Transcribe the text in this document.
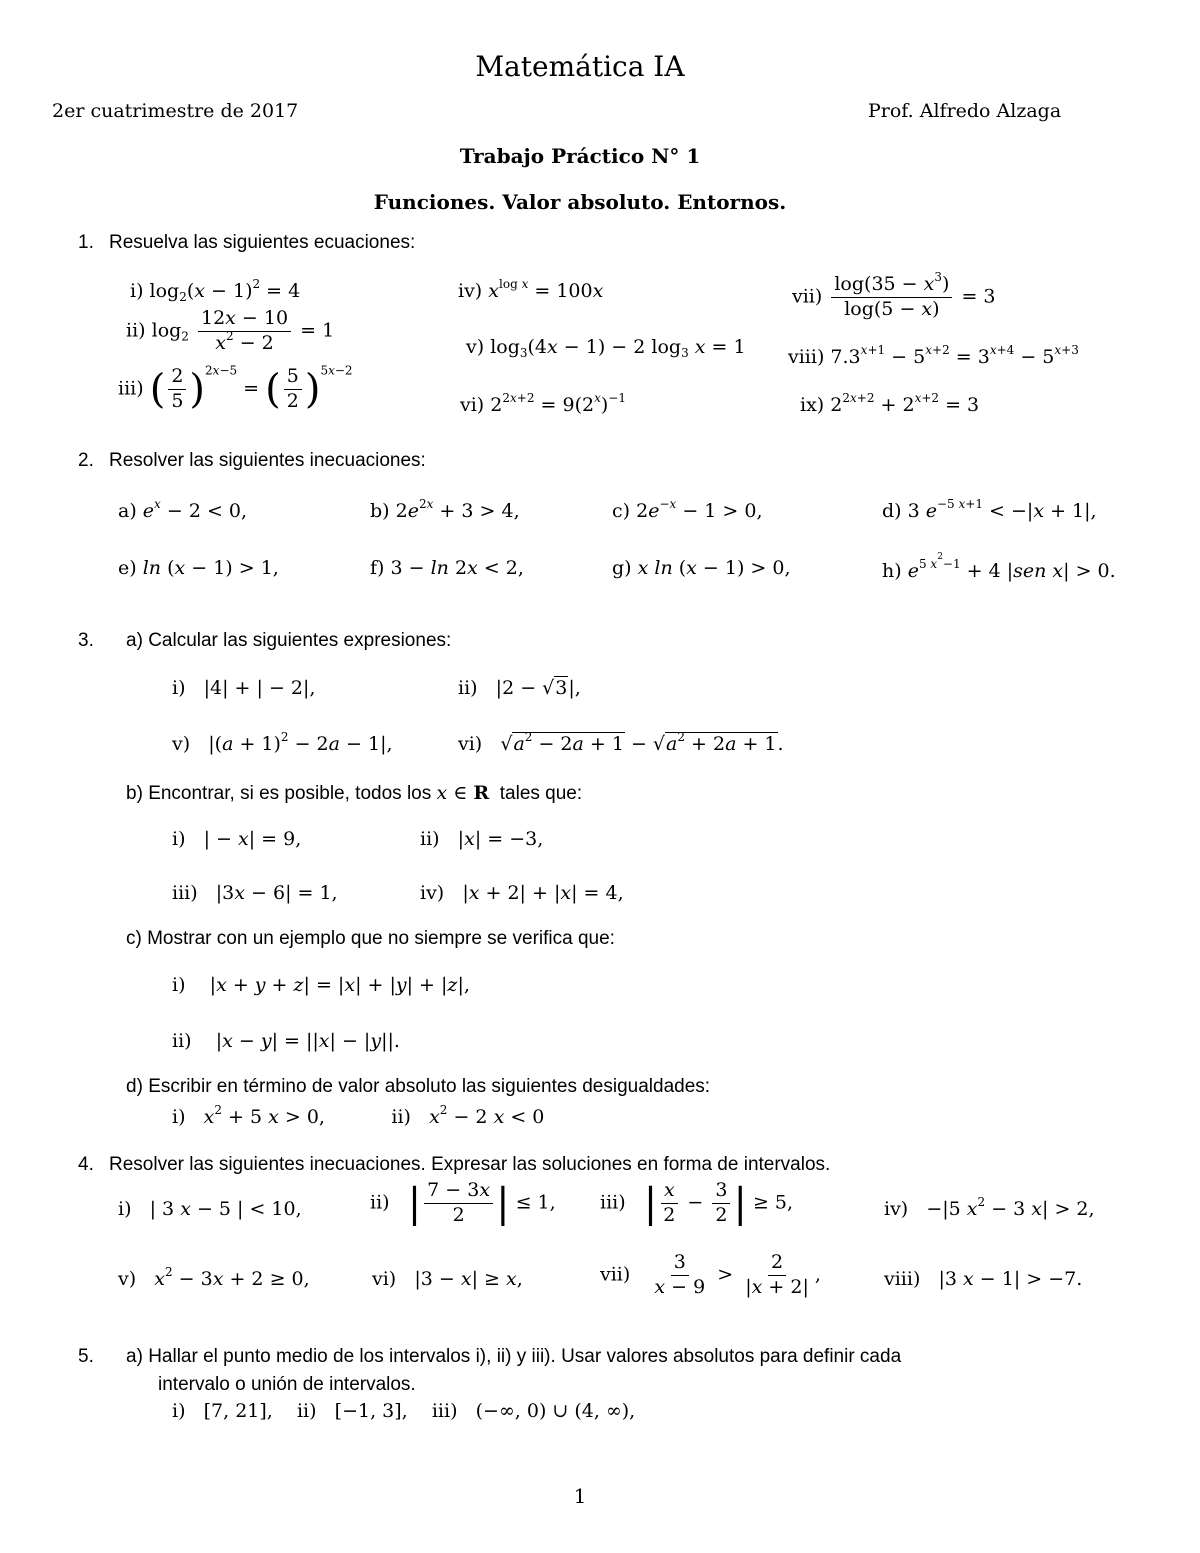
Matemática IA
2er cuatrimestre de 2017	Prof. Alfredo Alzaga
Trabajo Práctico N° 1
Funciones. Valor absoluto. Entornos.
1. Resuelva las siguientes ecuaciones:
i) $\log_2(x - 1)^2 = 4$
ii) $\log_2 \frac{12x - 10}{x^2 - 2} = 1$
iii) ( $\frac{2}{5} )^{2x-5}$ = ( $\frac{5}{2} )^{5x-2}$
iv) $x^{log x} = 100x$
v) $\log_3(4x - 1) - 2$ $\log_3 x = 1$
vi) $2^{2x+2} = 9(2^x)^{-1}$
$vii) \frac{\log(35 - x^3)}{\log(5 - x)} = 3$
viii) $7.3^{x+1} - 5^{x+2} = 3^{x+4} - 5^{x+3}$
ix) $2^{2x+2} + 2^{x+2} = 3$
2. Resolver las siguientes inecuaciones:
a) $e^x - 2 < 0$,	b) $2e^{2x} + 3 > 4$,	c) $2e^{-x} - 1 > 0$,	d) 3 $e^{-5 x+1} < -|x + 1|$,
e) ln (x − 1) > 1,	f) 3 − ln 2x < 2,	g) x ln (x − 1) > 0,	h) $e^{5 x^2-1} + 4$ |sen x| > 0.
3. a) Calcular las siguientes expresiones:
i)   |4| + | − 2|,	ii)   |2 − √3|,
v)   $|(a + 1)^2 - 2a - 1|$,	vi)   $√a^2 - 2a + 1 - √a^2 + 2a + 1$.
b) Encontrar, si es posible, todos los x ∈ R tales que:
i)   | − x| = 9,	ii)   |x| = −3,
iii)   |3x − 6| = 1,	iv)   |x + 2| + |x| = 4,
c) Mostrar con un ejemplo que no siempre se verifica que:
i)    |x + y + z| = |x| + |y| + |z|,
ii)    |x − y| = ||x| − |y||.
d) Escribir en término de valor absoluto las siguientes desigualdades:
i)   $x^2 + 5$ x > 0,           ii)   $x^2 - 2$ x < 0
4. Resolver las siguientes inecuaciones. Expresar las soluciones en forma de intervalos.
i)   | 3 x − 5 | < 10,	ii)   | $\frac{7 - 3x}{2}$ | ≤ 1, iii)   | $\frac{x}{2} - \frac{3}{2}$ | ≥ 5,	iv)   −|5 $x^2 - 3$ x| > 2,
v)   $x^2 - 3x + 2 \ge 0$,	vi)   |3 − x| ≥ x,	$vii) \frac{3}{x - 9} > \frac{2}{|x + 2|}$ ,	viii)   |3 x − 1| > −7.
5. a) Hallar el punto medio de los intervalos i), ii) y iii). Usar valores absolutos para definir cada
intervalo o unión de intervalos.
i)   [7, 21],    ii)   [−1, 3],    iii)   (−∞, 0) ∪ (4, ∞),
1
